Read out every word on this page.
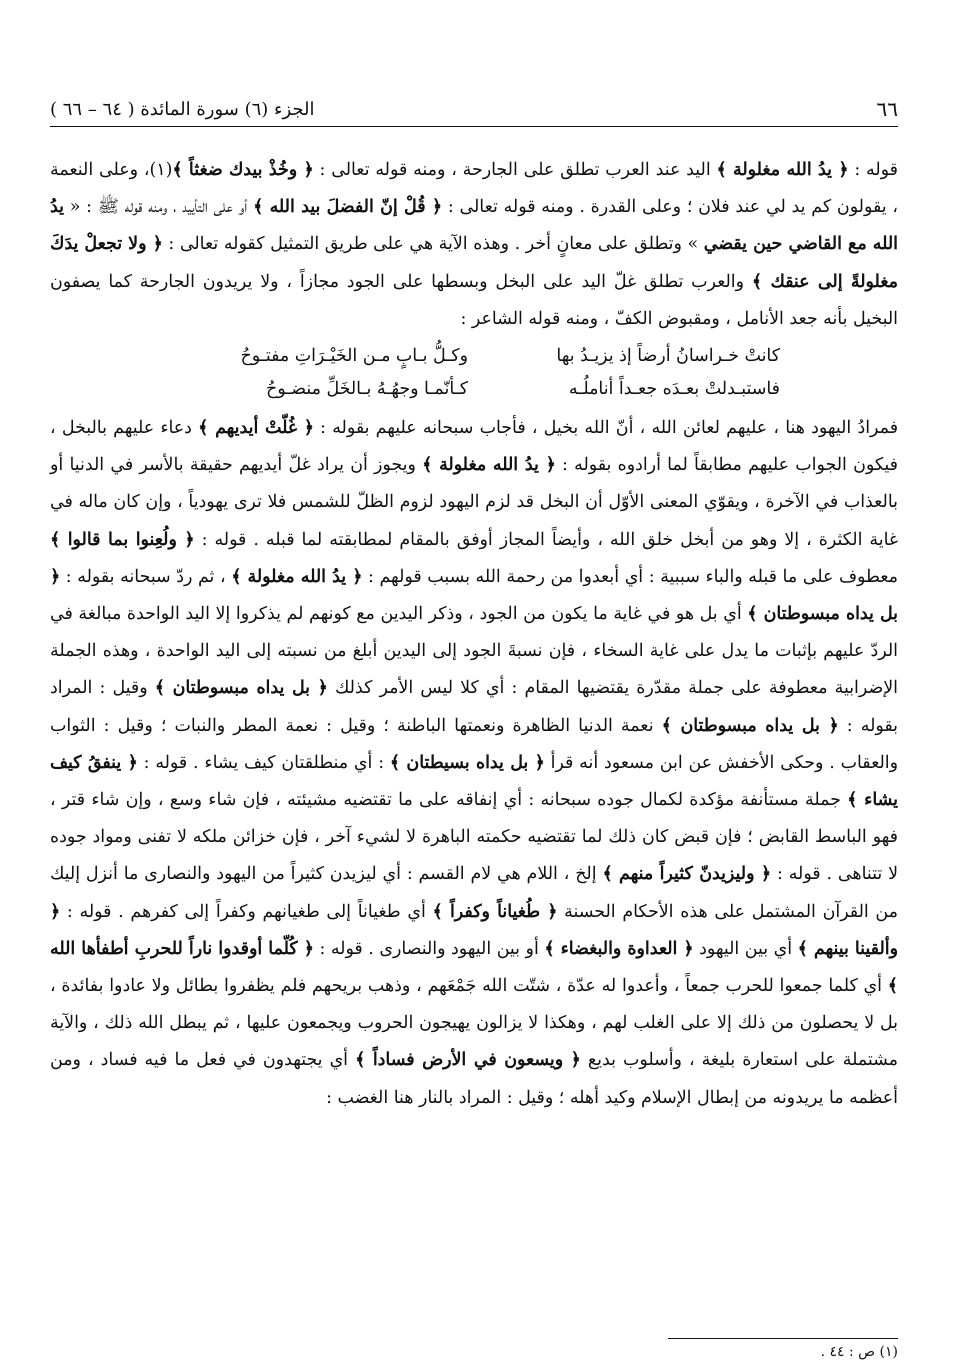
٦٦
الجزء (٦) سورة المائدة ( ٦٤ – ٦٦ )

قوله : ﴿ يدُ الله مغلولة ﴾ اليد عند العرب تطلق على الجارحة ، ومنه قوله تعالى : ﴿ وخُذْ بيدك ضغثاً ﴾(١)، وعلى النعمة ، يقولون كم يد لي عند فلان ؛ وعلى القدرة . ومنه قوله تعالى : ﴿ قُلْ إنّ الفضلَ بيد الله ﴾ أو على التأييد ، ومنه قوله ﷺ : « يدُ الله مع القاضي حين يقضي » وتطلق على معانٍ أخر . وهذه الآية هي على طريق التمثيل كقوله تعالى : ﴿ ولا تجعلْ يدَكَ مغلولةً إلى عنقك ﴾ والعرب تطلق غلّ اليد على البخل وبسطها على الجود مجازاً ، ولا يريدون الجارحة كما يصفون البخيل بأنه جعد الأنامل ، ومقبوض الكفّ ، ومنه قوله الشاعر :

كانتْ خـراسانُ أرضاً إذ يزيـدُ بها
وكـلُّ بـابٍ مـن الخَيْـرَاتِ مفتـوحُ
فاستبـدلتْ بعـدَه جعـداً أناملُـه
كـأنّمـا وجهُـهُ بـالخَلِّ منضـوحُ

فمرادُ اليهود هنا ، عليهم لعائن الله ، أنّ الله بخيل ، فأجاب سبحانه عليهم بقوله : ﴿ غُلّتْ أيديهم ﴾ دعاء عليهم بالبخل ، فيكون الجواب عليهم مطابقاً لما أرادوه بقوله : ﴿ يدُ الله مغلولة ﴾ ويجوز أن يراد غلّ أيديهم حقيقة بالأسر في الدنيا أو بالعذاب في الآخرة ، ويقوّي المعنى الأوّل أن البخل قد لزم اليهود لزوم الظلّ للشمس فلا ترى يهودياً ، وإن كان ماله في غاية الكثرة ، إلا وهو من أبخل خلق الله ، وأيضاً المجاز أوفق بالمقام لمطابقته لما قبله . قوله : ﴿ ولُعِنوا بما قالوا ﴾ معطوف على ما قبله والباء سببية : أي أبعدوا من رحمة الله بسبب قولهم : ﴿ يدُ الله مغلولة ﴾ ، ثم ردّ سبحانه بقوله : ﴿ بل يداه مبسوطتان ﴾ أي بل هو في غاية ما يكون من الجود ، وذكر اليدين مع كونهم لم يذكروا إلا اليد الواحدة مبالغة في الردّ عليهم بإثبات ما يدل على غاية السخاء ، فإن نسبةَ الجود إلى اليدين أبلغ من نسبته إلى اليد الواحدة ، وهذه الجملة الإضرابية معطوفة على جملة مقدّرة يقتضيها المقام : أي كلا ليس الأمر كذلك ﴿ بل يداه مبسوطتان ﴾ وقيل : المراد بقوله : ﴿ بل يداه مبسوطتان ﴾ نعمة الدنيا الظاهرة ونعمتها الباطنة ؛ وقيل : نعمة المطر والنبات ؛ وقيل : الثواب والعقاب . وحكى الأخفش عن ابن مسعود أنه قرأ ﴿ بل يداه بسيطتان ﴾ : أي منطلقتان كيف يشاء . قوله : ﴿ ينفقُ كيف يشاء ﴾ جملة مستأنفة مؤكدة لكمال جوده سبحانه : أي إنفاقه على ما تقتضيه مشيئته ، فإن شاء وسع ، وإن شاء قتر ، فهو الباسط القابض ؛ فإن قبض كان ذلك لما تقتضيه حكمته الباهرة لا لشيء آخر ، فإن خزائن ملكه لا تفنى ومواد جوده لا تتناهى . قوله : ﴿ وليزيدنّ كثيراً منهم ﴾ إلخ ، اللام هي لام القسم : أي ليزيدن كثيراً من اليهود والنصارى ما أنزل إليك من القرآن المشتمل على هذه الأحكام الحسنة ﴿ طُغياناً وكفراً ﴾ أي طغياناً إلى طغيانهم وكفراً إلى كفرهم . قوله : ﴿ وألقينا بينهم ﴾ أي بين اليهود ﴿ العداوة والبغضاء ﴾ أو بين اليهود والنصارى . قوله : ﴿ كُلّما أوقدوا ناراً للحربِ أطفأها الله ﴾ أي كلما جمعوا للحرب جمعاً ، وأعدوا له عدّة ، شتّت الله جَمْعَهم ، وذهب بريحهم فلم يظفروا بطائل ولا عادوا بفائدة ، بل لا يحصلون من ذلك إلا على الغلب لهم ، وهكذا لا يزالون يهيجون الحروب ويجمعون عليها ، ثم يبطل الله ذلك ، والآية مشتملة على استعارة بليغة ، وأسلوب بديع ﴿ ويسعون في الأرض فساداً ﴾ أي يجتهدون في فعل ما فيه فساد ، ومن أعظمه ما يريدونه من إبطال الإسلام وكيد أهله ؛ وقيل : المراد بالنار هنا الغضب :

(١) ص : ٤٤ .
